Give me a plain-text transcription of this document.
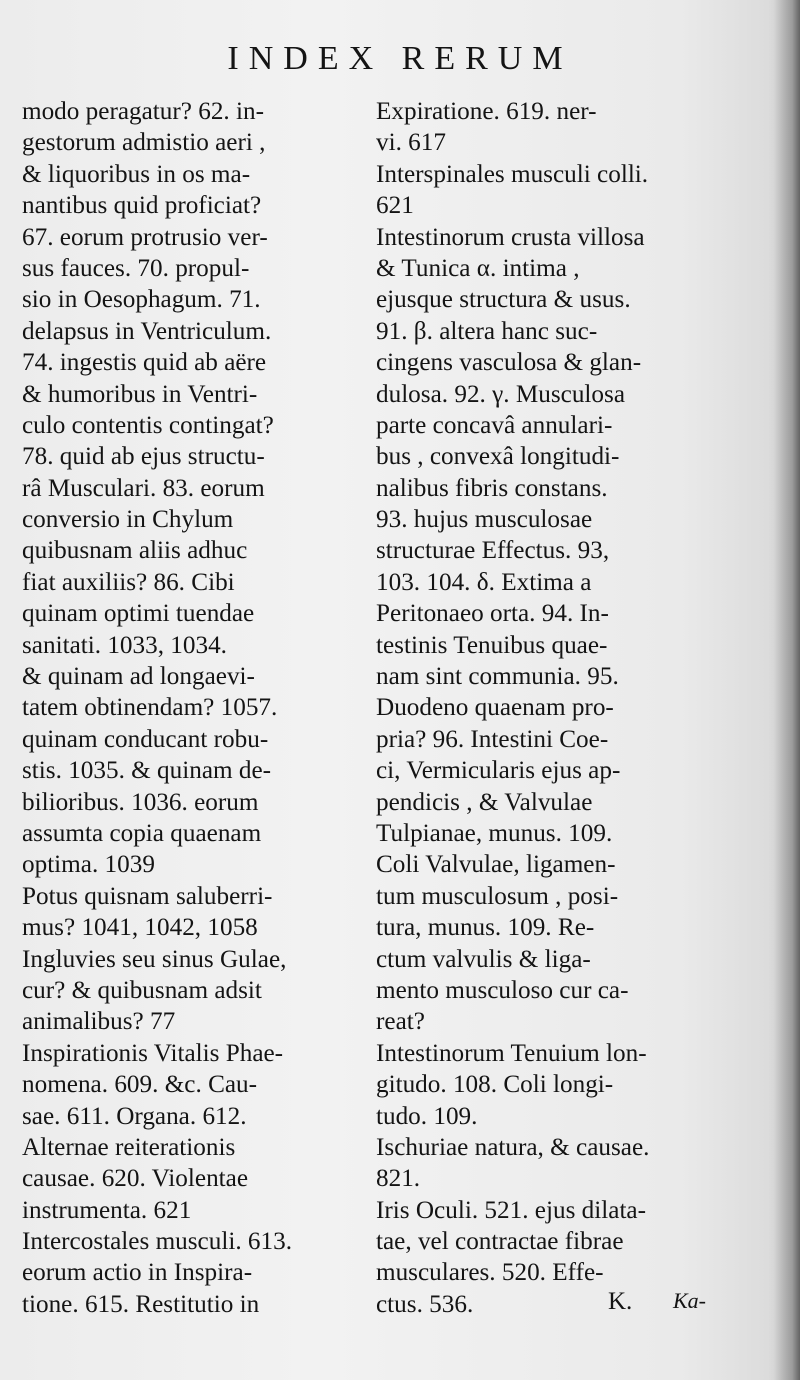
INDEX RERUM
modo peragatur? 62. in-
gestorum admistio aeri ,
& liquoribus in os ma-
nantibus quid proficiat?
67. eorum protrusio ver-
sus fauces. 70. propul-
sio in Oesophagum. 71.
delapsus in Ventriculum.
74. ingestis quid ab aëre
& humoribus in Ventri-
culo contentis contingat?
78. quid ab ejus structu-
râ Musculari. 83. eorum
conversio in Chylum
quibusnam aliis adhuc
fiat auxiliis? 86. Cibi
quinam optimi tuendae
sanitati. 1033, 1034.
& quinam ad longaevi-
tatem obtinendam? 1057.
quinam conducant robu-
stis. 1035. & quinam de-
bilioribus. 1036. eorum
assumta copia quaenam
optima. 1039
Potus quisnam saluberri-
mus? 1041, 1042, 1058
Ingluvies seu sinus Gulae,
cur? & quibusnam adsit
animalibus? 77
Inspirationis Vitalis Phae-
nomena. 609. &c. Cau-
sae. 611. Organa. 612.
Alternae reiterationis
causae. 620. Violentae
instrumenta. 621
Intercostales musculi. 613.
eorum actio in Inspira-
tione. 615. Restitutio in
Expiratione. 619. ner-
vi. 617
Interspinales musculi colli.
621
Intestinorum crusta villosa
& Tunica α. intima ,
ejusque structura & usus.
91. β. altera hanc suc-
cingens vasculosa & glan-
dulosa. 92. γ. Musculosa
parte concavâ annulari-
bus , convexâ longitudi-
nalibus fibris constans.
93. hujus musculosae
structurae Effectus. 93,
103. 104. δ. Extima a
Peritonaeo orta. 94. In-
testinis Tenuibus quae-
nam sint communia. 95.
Duodeno quaenam pro-
pria? 96. Intestini Coe-
ci, Vermicularis ejus ap-
pendicis , & Valvulae
Tulpianae, munus. 109.
Coli Valvulae, ligamen-
tum musculosum , posi-
tura, munus. 109. Re-
ctum valvulis & liga-
mento musculoso cur ca-
reat?
Intestinorum Tenuium lon-
gitudo. 108. Coli longi-
tudo. 109.
Ischuriae natura, & causae.
821.
Iris Oculi. 521. ejus dilata-
tae, vel contractae fibrae
musculares. 520. Effe-
ctus. 536.	K. Ka-
